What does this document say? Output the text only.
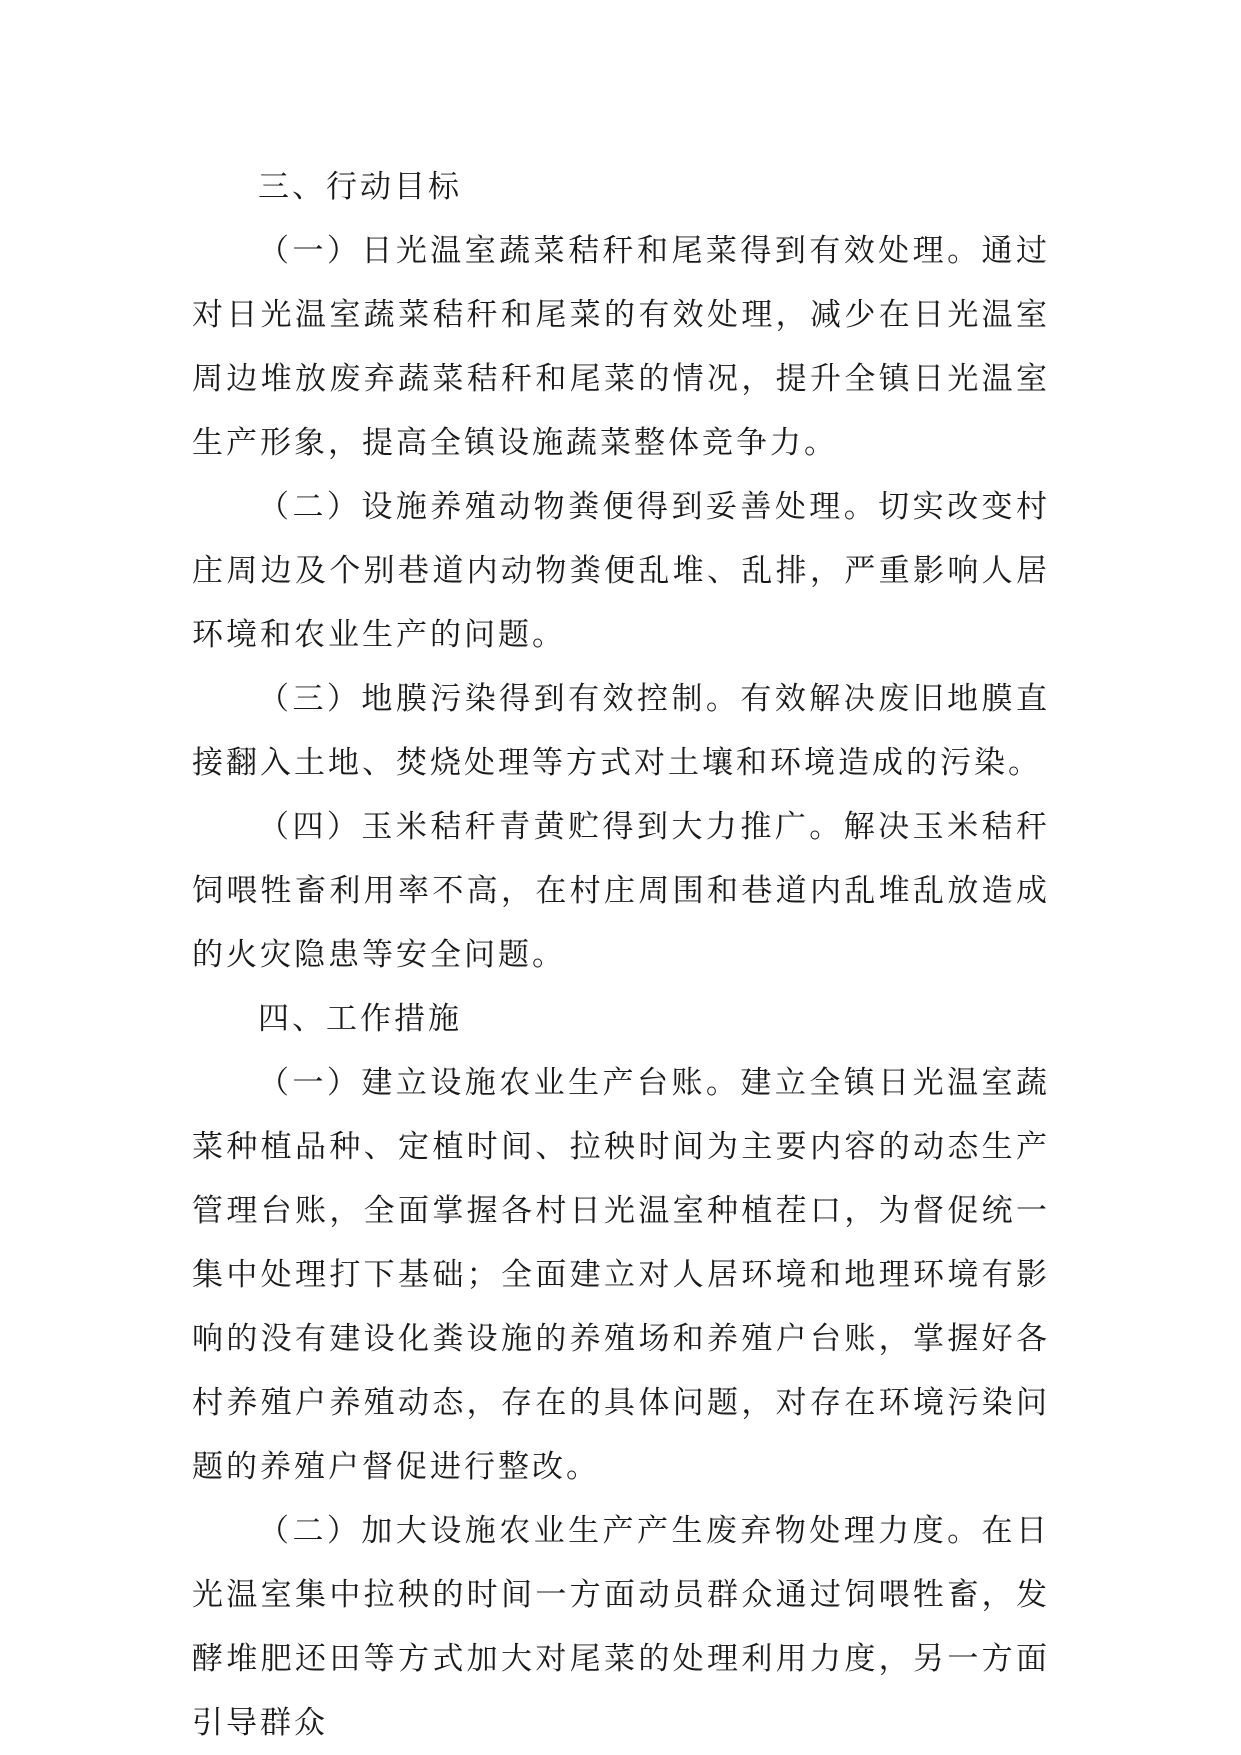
三、行动目标

（一）日光温室蔬菜秸秆和尾菜得到有效处理。通过对日光温室蔬菜秸秆和尾菜的有效处理，减少在日光温室周边堆放废弃蔬菜秸秆和尾菜的情况，提升全镇日光温室生产形象，提高全镇设施蔬菜整体竞争力。

（二）设施养殖动物粪便得到妥善处理。切实改变村庄周边及个别巷道内动物粪便乱堆、乱排，严重影响人居环境和农业生产的问题。

（三）地膜污染得到有效控制。有效解决废旧地膜直接翻入土地、焚烧处理等方式对土壤和环境造成的污染。

（四）玉米秸秆青黄贮得到大力推广。解决玉米秸秆饲喂牲畜利用率不高，在村庄周围和巷道内乱堆乱放造成的火灾隐患等安全问题。

四、工作措施

（一）建立设施农业生产台账。建立全镇日光温室蔬菜种植品种、定植时间、拉秧时间为主要内容的动态生产管理台账，全面掌握各村日光温室种植茬口，为督促统一集中处理打下基础；全面建立对人居环境和地理环境有影响的没有建设化粪设施的养殖场和养殖户台账，掌握好各村养殖户养殖动态，存在的具体问题，对存在环境污染问题的养殖户督促进行整改。

（二）加大设施农业生产产生废弃物处理力度。在日光温室集中拉秧的时间一方面动员群众通过饲喂牲畜，发酵堆肥还田等方式加大对尾菜的处理利用力度，另一方面引导群众
